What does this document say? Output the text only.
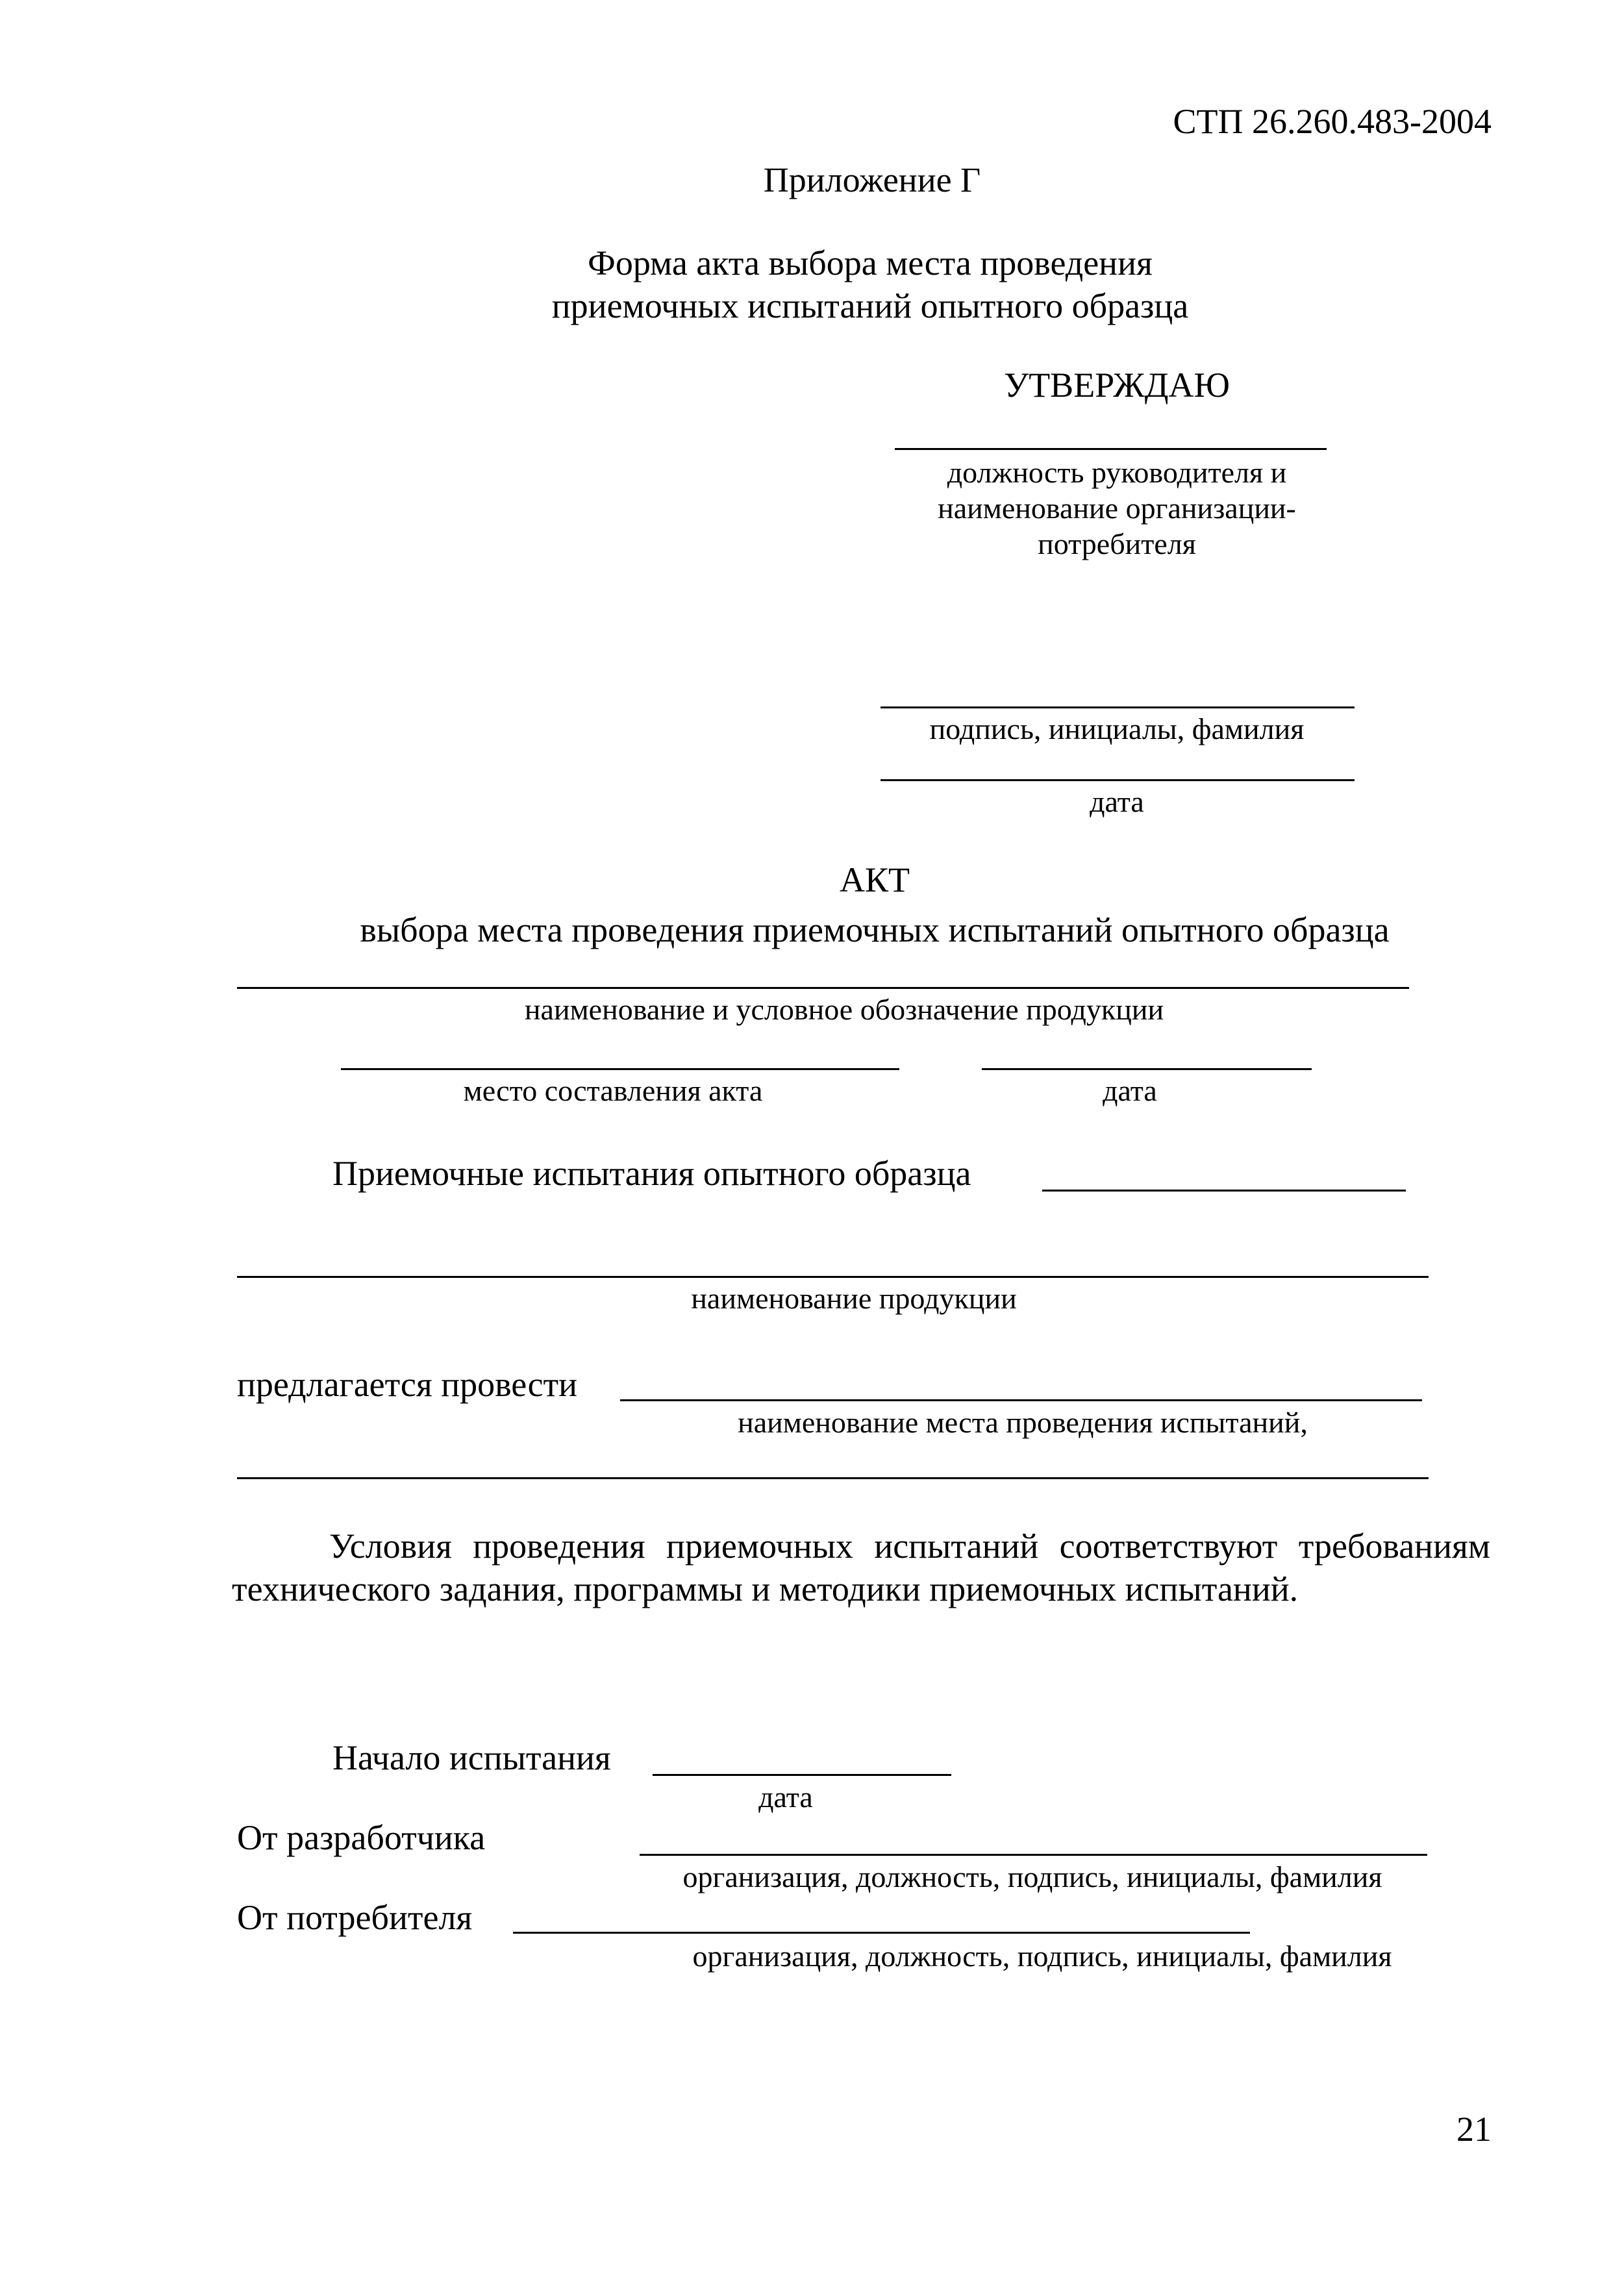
СТП 26.260.483-2004
Приложение Г
Форма акта выбора места проведения
приемочных испытаний опытного образца
УТВЕРЖДАЮ
должность руководителя и
наименование организации-
потребителя
подпись, инициалы, фамилия
дата
АКТ
выбора места проведения приемочных испытаний опытного образца
наименование и условное обозначение продукции
место составления акта	дата
Приемочные испытания опытного образца
наименование продукции
предлагается провести
наименование места проведения испытаний,
Условия проведения приемочных испытаний соответствуют требованиям технического задания, программы и методики приемочных испытаний.
Начало испытания
дата
От разработчика
организация, должность, подпись, инициалы, фамилия
От потребителя
организация, должность, подпись, инициалы, фамилия
21
